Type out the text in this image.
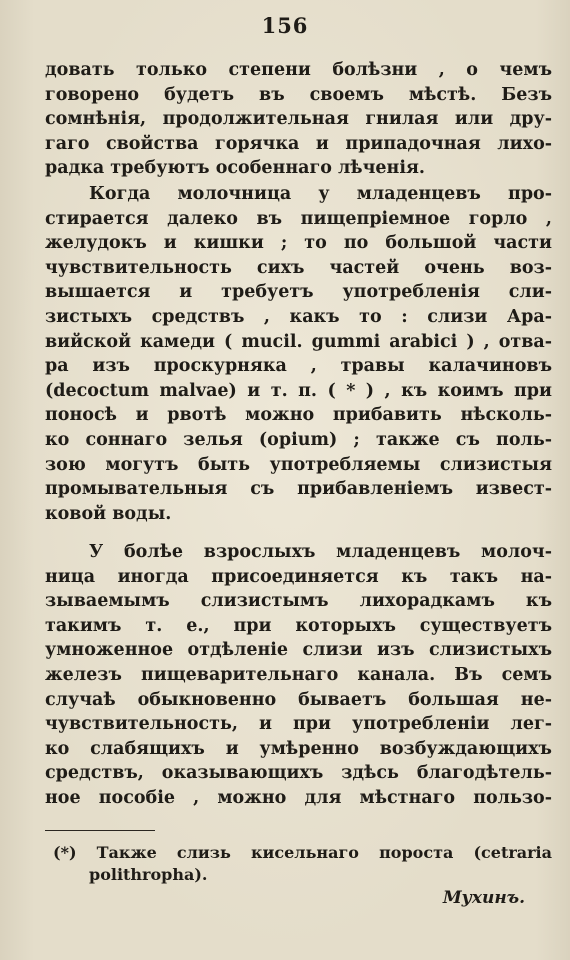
156
довать только степени болѣзни , о чемъ
говорено будетъ въ своемъ мѣстѣ. Безъ
сомнѣнія, продолжительная гнилая или дру-
гаго свойства горячка и припадочная лихо-
радка требуютъ особеннаго лѣченія.
Когда молочница у младенцевъ про-
стирается далеко въ пищепріемное горло ,
желудокъ и кишки ; то по большой части
чувствительность сихъ частей очень воз-
вышается и требуетъ употребленія сли-
зистыхъ средствъ , какъ то : слизи Ара-
вийской камеди ( mucil. gummi arabici ) , отва-
ра изъ проскурняка , травы калачиновъ
(decoctum malvae) и т. п. ( * ) , къ коимъ при
поносѣ и рвотѣ можно прибавить нѣсколь-
ко соннаго зелья (opium) ; также съ поль-
зою могутъ быть употребляемы слизистыя
промывательныя съ прибавленіемъ извест-
ковой воды.
У болѣе взрослыхъ младенцевъ молоч-
ница иногда присоединяется къ такъ на-
зываемымъ слизистымъ лихорадкамъ къ
такимъ т. е., при которыхъ существуетъ
умноженное отдѣленіе слизи изъ слизистыхъ
железъ пищеварительнаго канала. Въ семъ
случаѣ обыкновенно бываетъ большая не-
чувствительность, и при употребленіи лег-
ко слабящихъ и умѣренно возбуждающихъ
средствъ, оказывающихъ здѣсь благодѣтель-
ное пособіе , можно для мѣстнаго пользо-
(*) Также слизь кисельнаго пороста (cetraria
polithropha).
Мухинъ.
